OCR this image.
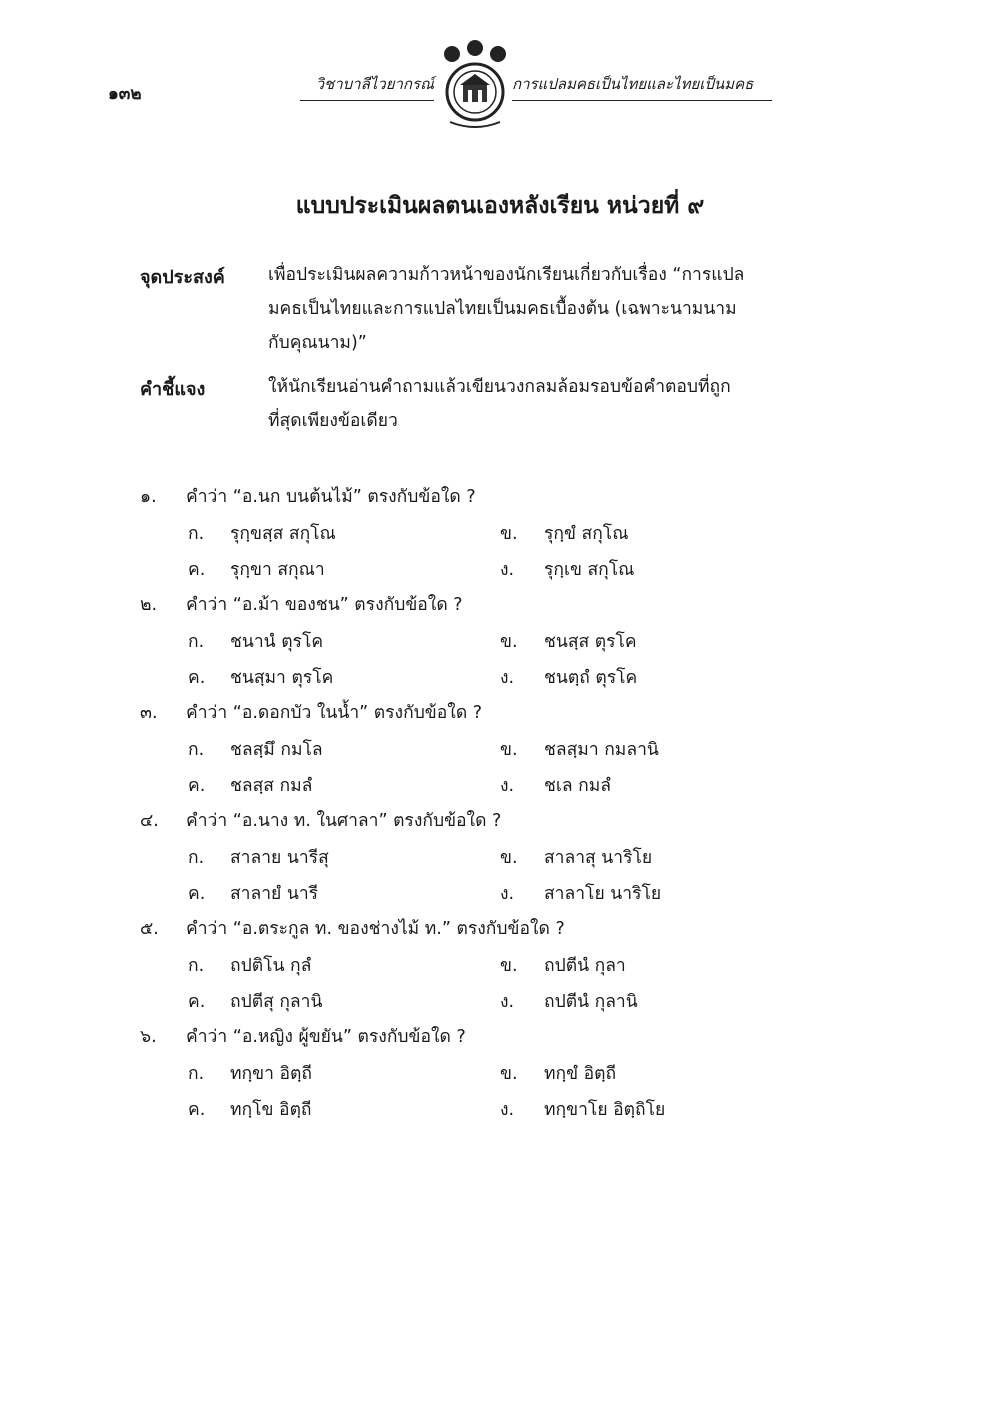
๑๓๒	วิชาบาลีไวยากรณ์	การแปลมคธเป็นไทยและไทยเป็นมคธ
แบบประเมินผลตนเองหลังเรียน หน่วยที่ ๙
จุดประสงค์ เพื่อประเมินผลความก้าวหน้าของนักเรียนเกี่ยวกับเรื่อง “การแปล
มคธเป็นไทยและการแปลไทยเป็นมคธเบื้องต้น (เฉพาะนามนาม
กับคุณนาม)”
คำชี้แจง	ให้นักเรียนอ่านคำถามแล้วเขียนวงกลมล้อมรอบข้อคำตอบที่ถูก
ที่สุดเพียงข้อเดียว
๑. คำว่า “อ.นก บนต้นไม้” ตรงกับข้อใด ?
ก. รุกฺขสฺส สกุโณ	ข. รุกฺขํ สกุโณ
ค. รุกฺขา สกุณา	ง. รุกฺเข สกุโณ
๒. คำว่า “อ.ม้า ของชน” ตรงกับข้อใด ?
ก. ชนานํ ตุรโค	ข. ชนสฺส ตุรโค
ค. ชนสฺมา ตุรโค	ง. ชนตฺถํ ตุรโค
๓. คำว่า “อ.ดอกบัว ในน้ำ” ตรงกับข้อใด ?
ก. ชลสฺมึ กมโล	ข. ชลสฺมา กมลานิ
ค. ชลสฺส กมลํ	ง. ชเล กมลํ
๔. คำว่า “อ.นาง ท. ในศาลา” ตรงกับข้อใด ?
ก. สาลาย นารีสุ	ข. สาลาสุ นาริโย
ค. สาลายํ นารี	ง. สาลาโย นาริโย
๕. คำว่า “อ.ตระกูล ท. ของช่างไม้ ท.” ตรงกับข้อใด ?
ก. ถปติโน กุลํ	ข. ถปตีนํ กุลา
ค. ถปตีสุ กุลานิ	ง. ถปตีนํ กุลานิ
๖. คำว่า “อ.หญิง ผู้ขยัน” ตรงกับข้อใด ?
ก. ทกฺขา อิตฺถี	ข. ทกฺขํ อิตฺถี
ค. ทกฺโข อิตฺถี	ง. ทกฺขาโย อิตฺถิโย
